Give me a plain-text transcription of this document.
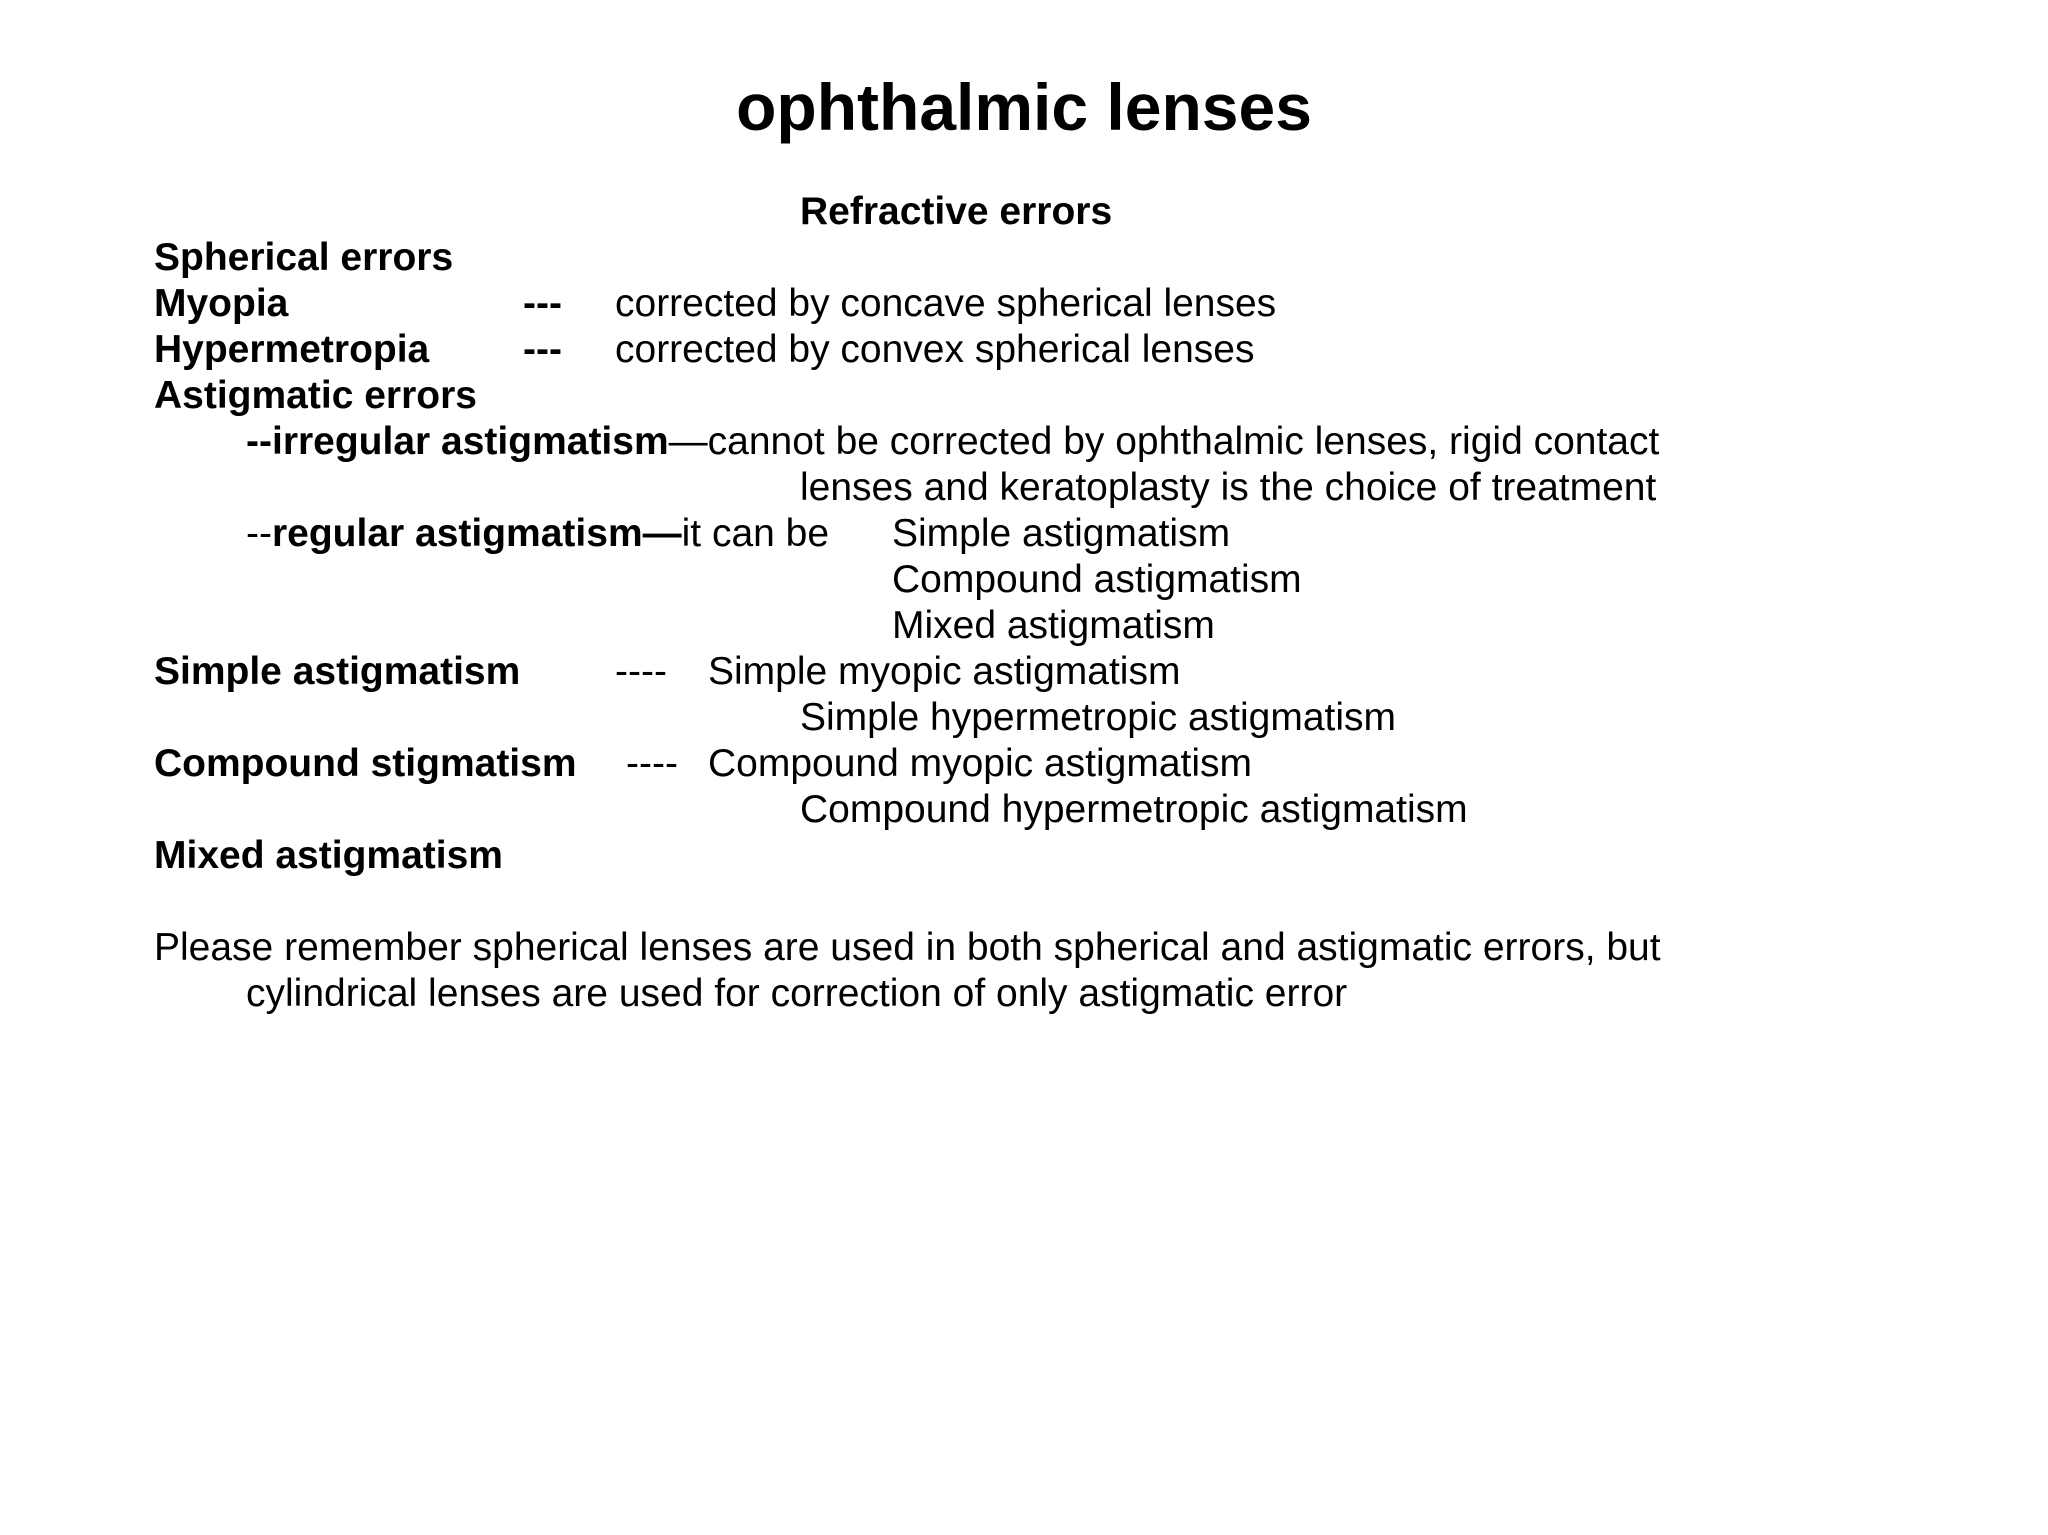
ophthalmic lenses
Refractive errors
Spherical errors
Myopia	--- corrected by concave spherical lenses
Hypermetropia --- corrected by convex spherical lenses
Astigmatic errors
--irregular astigmatism—cannot be corrected by ophthalmic lenses, rigid contact
lenses and keratoplasty is the choice of treatment
--regular astigmatism—it can be Simple astigmatism
Compound astigmatism
Mixed astigmatism
Simple astigmatism ---- Simple myopic astigmatism
Simple hypermetropic astigmatism
Compound stigmatism ---- Compound myopic astigmatism
Compound hypermetropic astigmatism
Mixed astigmatism
Please remember spherical lenses are used in both spherical and astigmatic errors, but
cylindrical lenses are used for correction of only astigmatic error
